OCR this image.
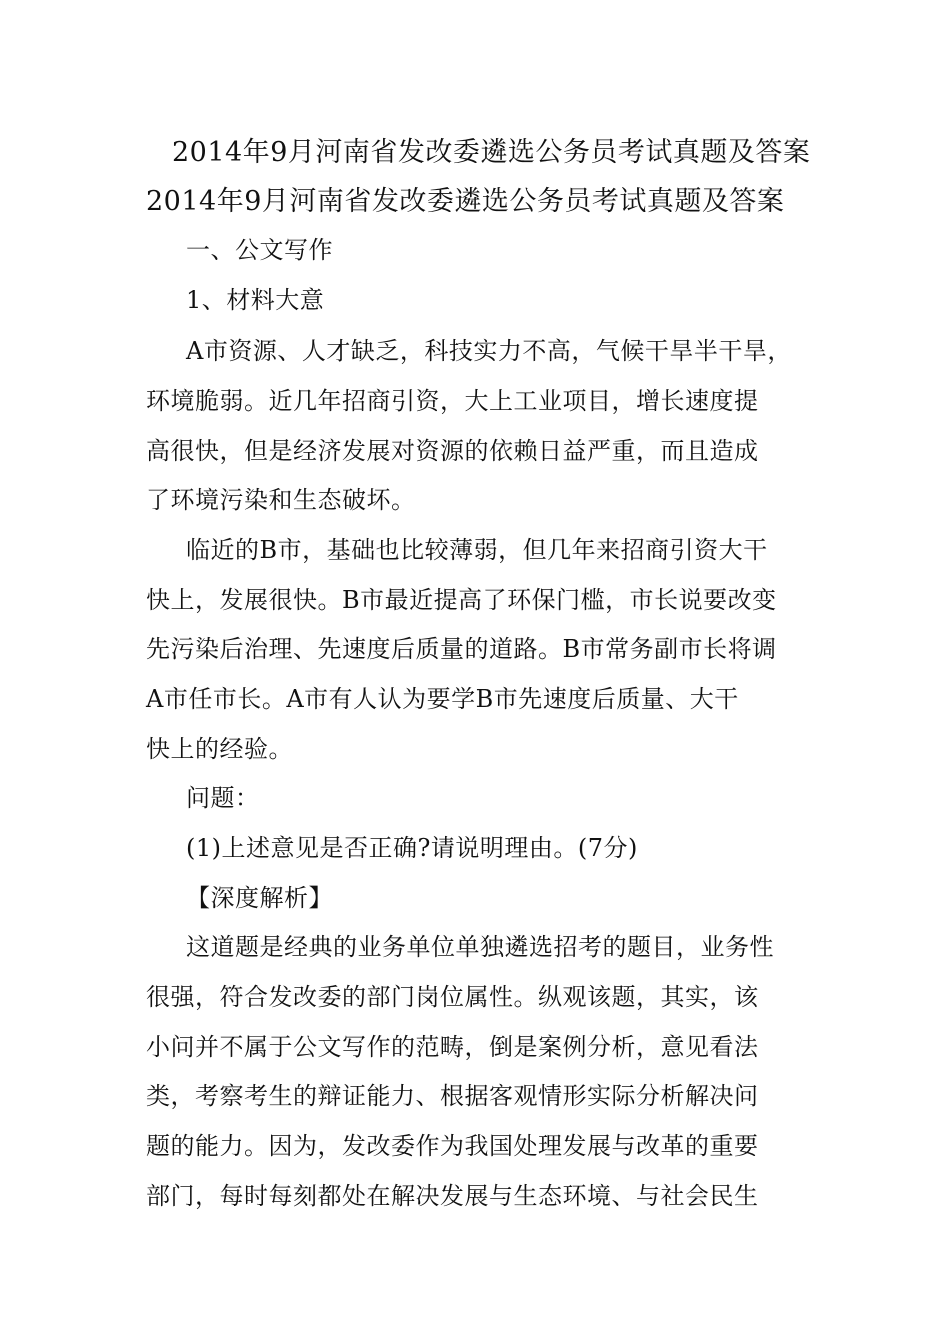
2014年9月河南省发改委遴选公务员考试真题及答案
2014年9月河南省发改委遴选公务员考试真题及答案
一、公文写作
1、材料大意
A市资源、人才缺乏，科技实力不高，气候干旱半干旱，
环境脆弱。近几年招商引资，大上工业项目，增长速度提
高很快，但是经济发展对资源的依赖日益严重，而且造成
了环境污染和生态破坏。
临近的B市，基础也比较薄弱，但几年来招商引资大干
快上，发展很快。B市最近提高了环保门槛，市长说要改变
先污染后治理、先速度后质量的道路。B市常务副市长将调
A市任市长。A市有人认为要学B市先速度后质量、大干
快上的经验。
问题：
(1)上述意见是否正确?请说明理由。(7分)
【深度解析】
这道题是经典的业务单位单独遴选招考的题目，业务性
很强，符合发改委的部门岗位属性。纵观该题，其实，该
小问并不属于公文写作的范畴，倒是案例分析，意见看法
类，考察考生的辩证能力、根据客观情形实际分析解决问
题的能力。因为，发改委作为我国处理发展与改革的重要
部门，每时每刻都处在解决发展与生态环境、与社会民生
